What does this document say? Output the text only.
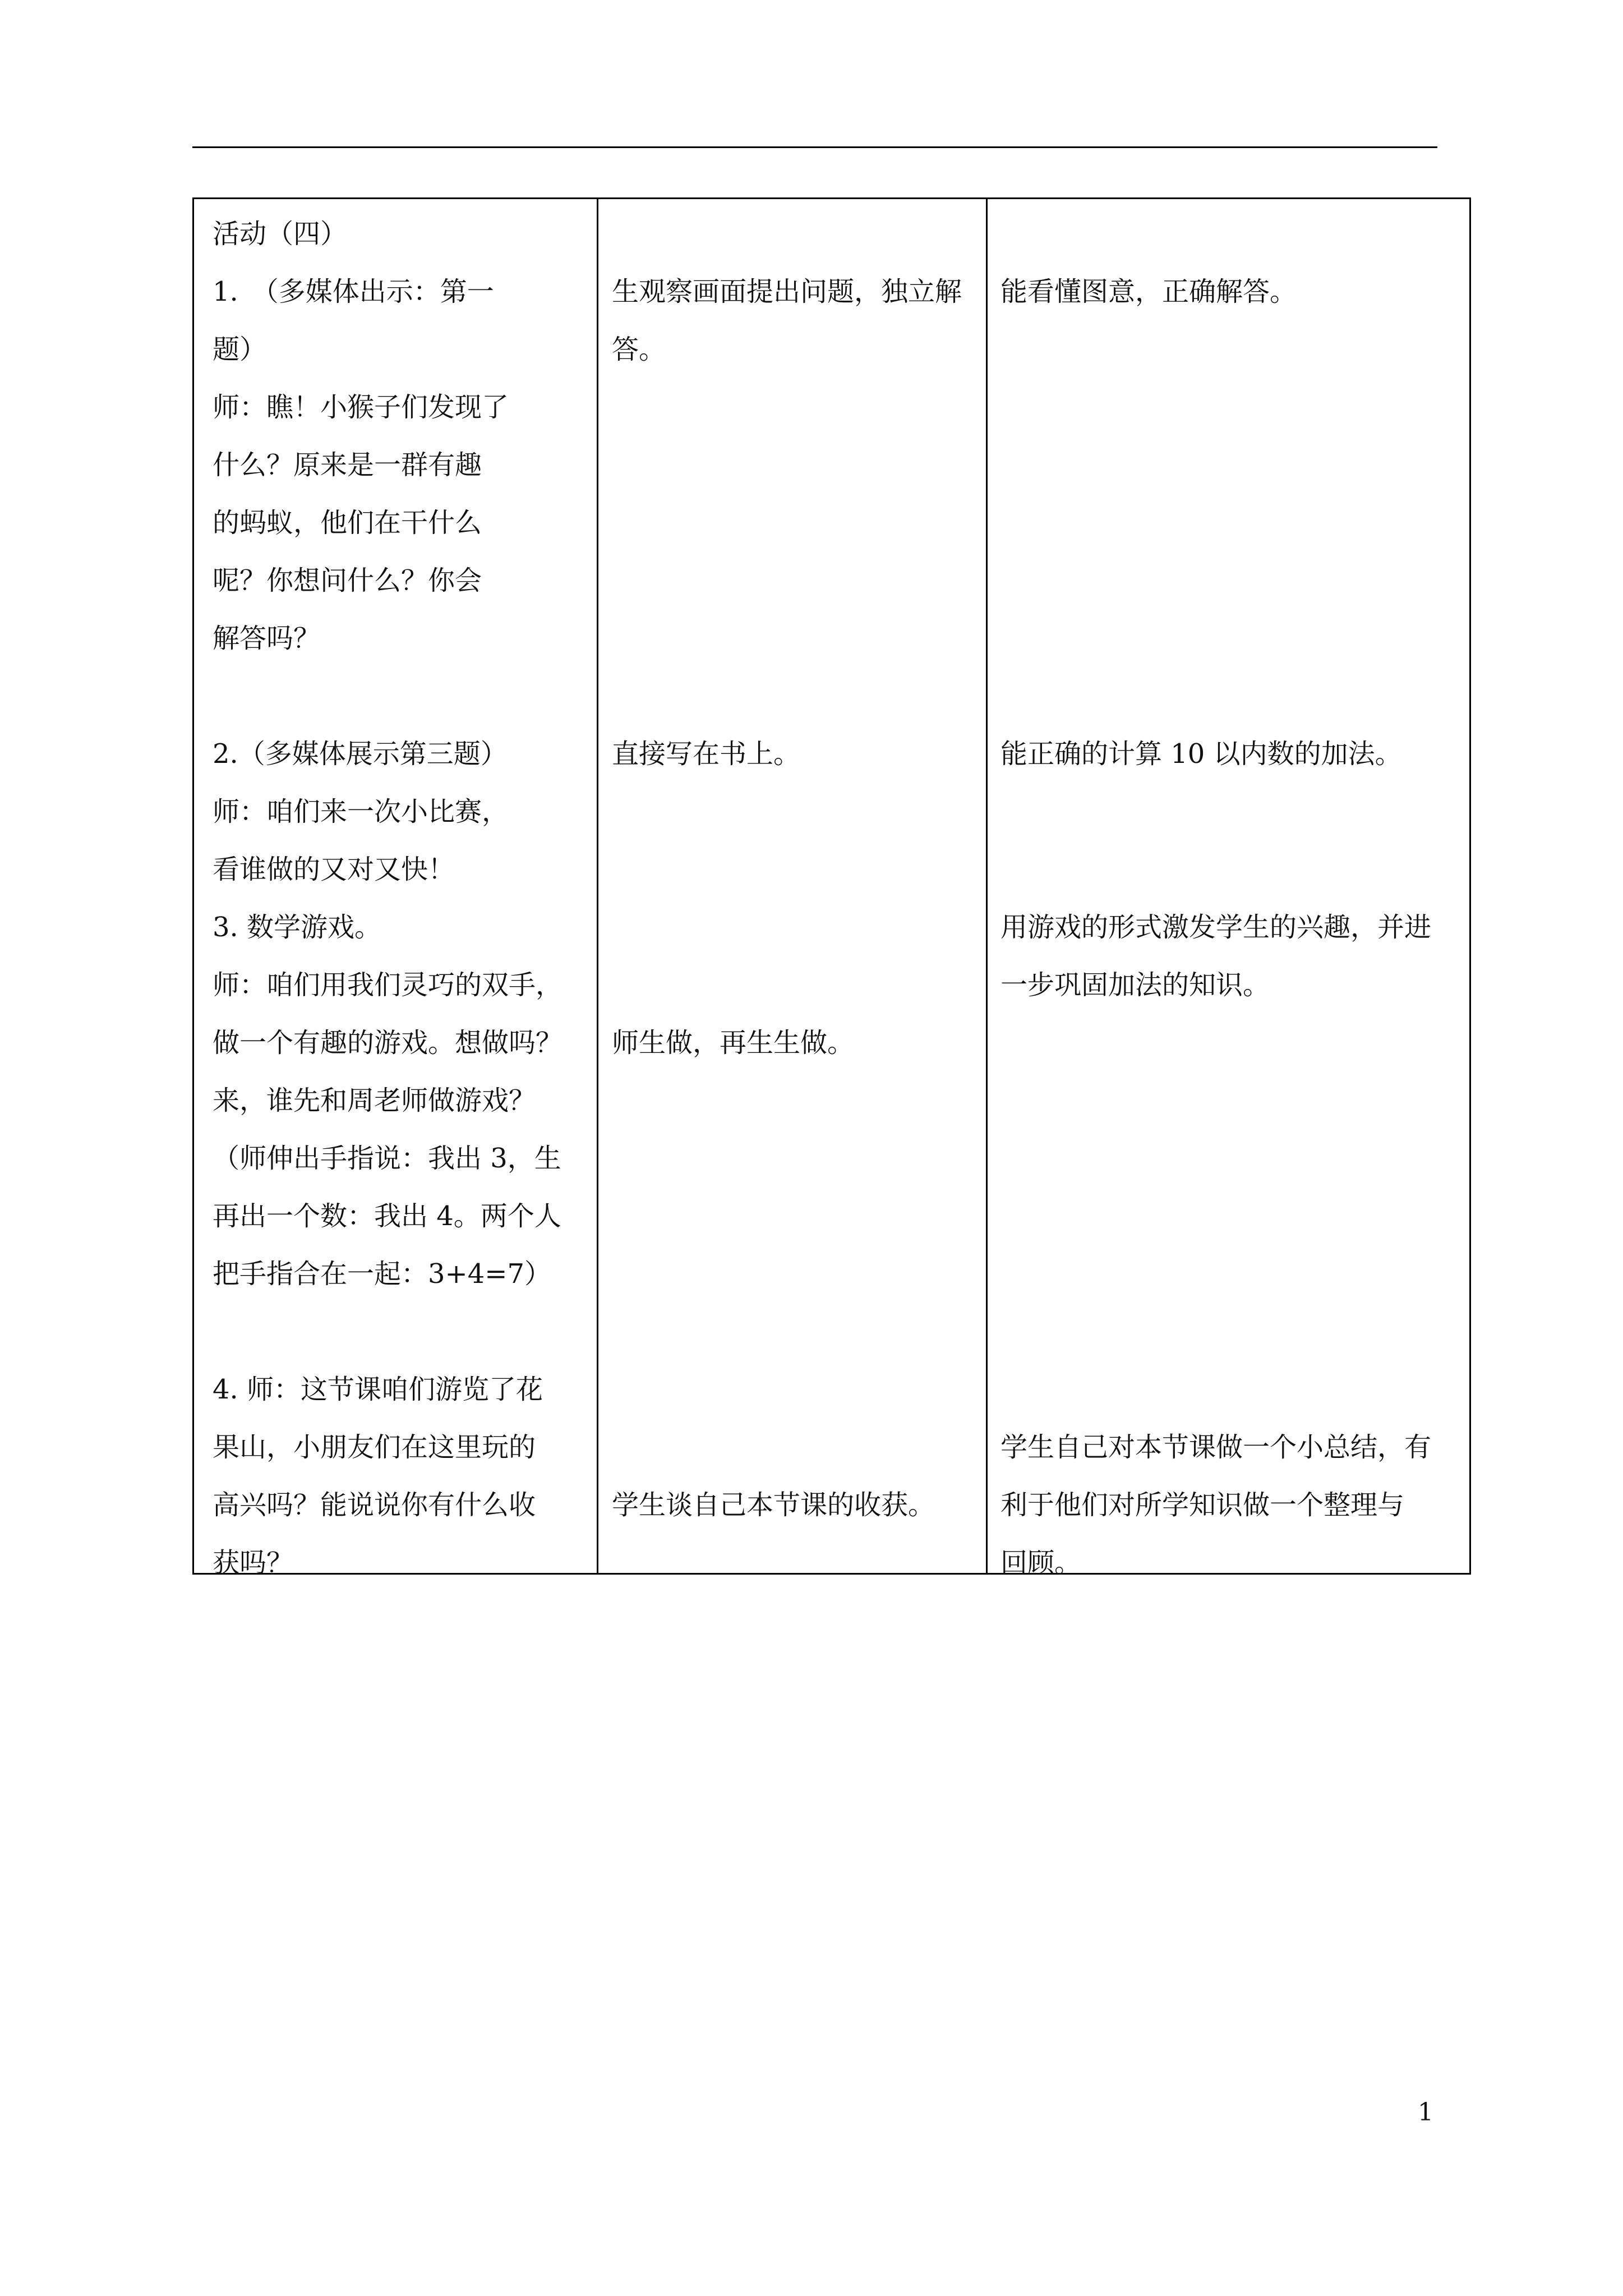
活动（四）
1.　（多媒体出示：第一
题）
师：瞧！小猴子们发现了
什么？原来是一群有趣
的蚂蚁，他们在干什么
呢？你想问什么？你会
解答吗？
2.（多媒体展示第三题）
师：咱们来一次小比赛，
看谁做的又对又快！
3. 数学游戏。
师：咱们用我们灵巧的双手，
做一个有趣的游戏。想做吗？
来，谁先和周老师做游戏？
（师伸出手指说：我出 3，生
再出一个数：我出 4。两个人
把手指合在一起：3+4=7）
4. 师：这节课咱们游览了花
果山，小朋友们在这里玩的
高兴吗？能说说你有什么收
获吗？
生观察画面提出问题，独立解
答。
直接写在书上。
师生做，再生生做。
学生谈自己本节课的收获。
能看懂图意，正确解答。
能正确的计算 10 以内数的加法。
用游戏的形式激发学生的兴趣，并进
一步巩固加法的知识。
学生自己对本节课做一个小总结，有
利于他们对所学知识做一个整理与
回顾。
1
